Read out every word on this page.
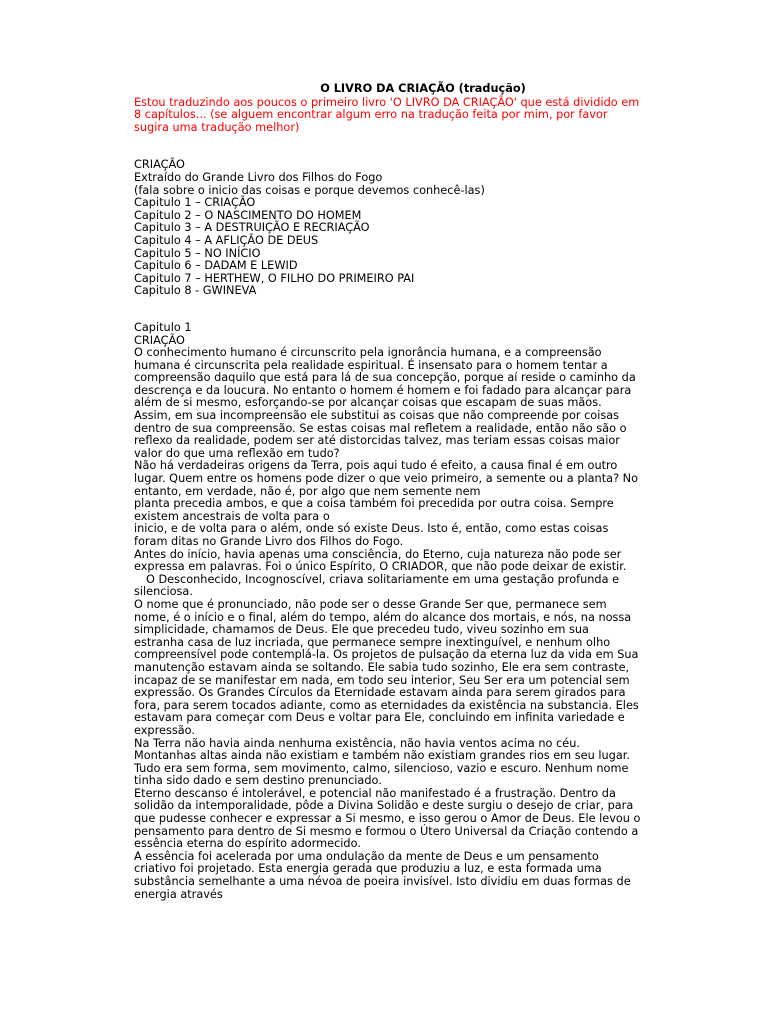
O LIVRO DA CRIAÇÃO (tradução)
Estou traduzindo aos poucos o primeiro livro 'O LIVRO DA CRIAÇÃO' que está dividido em 8 capítulos... (se alguem encontrar algum erro na tradução feita por mim, por favor sugira uma tradução melhor)
CRIAÇÃO
Extraído do Grande Livro dos Filhos do Fogo
(fala sobre o inicio das coisas e porque devemos conhecê-las)
Capitulo 1 – CRIAÇÃO
Capitulo 2 – O NASCIMENTO DO HOMEM
Capitulo 3 – A DESTRUIÇÃO E RECRIAÇÃO
Capitulo 4 – A AFLIÇÃO DE DEUS
Capitulo 5 – NO INÍCIO
Capitulo 6 – DADAM E LEWID
Capitulo 7 – HERTHEW, O FILHO DO PRIMEIRO PAI
Capitulo 8 - GWINEVA
Capitulo 1
CRIAÇÃO

O conhecimento humano é circunscrito pela ignorância humana, e a compreensão humana é circunscrita pela realidade espiritual. É insensato para o homem tentar a compreensão daquilo que está para lá de sua concepção, porque aí reside o caminho da descrença e da loucura. No entanto o homem é homem e foi fadado para alcançar para além de si mesmo, esforçando-se por alcançar coisas que escapam de suas mãos. Assim, em sua incompreensão ele substitui as coisas que não compreende por coisas dentro de sua compreensão. Se estas coisas mal refletem a realidade, então não são o

reflexo da realidade, podem ser até distorcidas talvez, mas teriam essas coisas maior valor do que uma reflexão em tudo?

Não há verdadeiras origens da Terra, pois aqui tudo é efeito, a causa final é em outro lugar. Quem entre os homens pode dizer o que veio primeiro, a semente ou a planta? No entanto, em verdade, não é, por algo que nem semente nem

planta precedia ambos, e que a coisa também foi precedida por outra coisa. Sempre existem ancestrais de volta para o

inicio, e de volta para o além, onde só existe Deus. Isto é, então, como estas coisas foram ditas no Grande Livro dos Filhos do Fogo.

Antes do início, havia apenas uma consciência, do Eterno, cuja natureza não pode ser expressa em palavras. Foi o único Espírito, O CRIADOR, que não pode deixar de existir.

O Desconhecido, Incognoscível, criava solitariamente em uma gestação profunda e silenciosa.

O nome que é pronunciado, não pode ser o desse Grande Ser que, permanece sem nome, é o início e o final, além do tempo, além do alcance dos mortais, e nós, na nossa simplicidade, chamamos de Deus. Ele que precedeu tudo, viveu sozinho em sua estranha casa de luz incriada, que permanece sempre inextinguível, e nenhum olho compreensível pode contemplá-la. Os projetos de pulsação da eterna luz da vida em Sua manutenção estavam ainda se soltando. Ele sabia tudo sozinho, Ele era sem contraste, incapaz de se manifestar em nada, em todo seu interior, Seu Ser era um potencial sem expressão. Os Grandes Círculos da Eternidade estavam ainda para serem girados para fora, para serem tocados adiante, como as eternidades da existência na substancia. Eles estavam para começar com Deus e voltar para Ele, concluindo em infinita variedade e expressão.

Na Terra não havia ainda nenhuma existência, não havia ventos acima no céu. Montanhas altas ainda não existiam e também não existiam grandes rios em seu lugar. Tudo era sem forma, sem movimento, calmo, silencioso, vazio e escuro. Nenhum nome tinha sido dado e sem destino prenunciado.

Eterno descanso é intolerável, e potencial não manifestado é a frustração. Dentro da solidão da intemporalidade, pôde a Divina Solidão e deste surgiu o desejo de criar, para que pudesse conhecer e expressar a Si mesmo, e isso gerou o Amor de Deus. Ele levou o pensamento para dentro de Si mesmo e formou o Útero Universal da Criação contendo a essência eterna do espírito adormecido.

A essência foi acelerada por uma ondulação da mente de Deus e um pensamento criativo foi projetado. Esta energia gerada que produziu a luz, e esta formada uma substância semelhante a uma névoa de poeira invisível. Isto dividiu em duas formas de energia através
